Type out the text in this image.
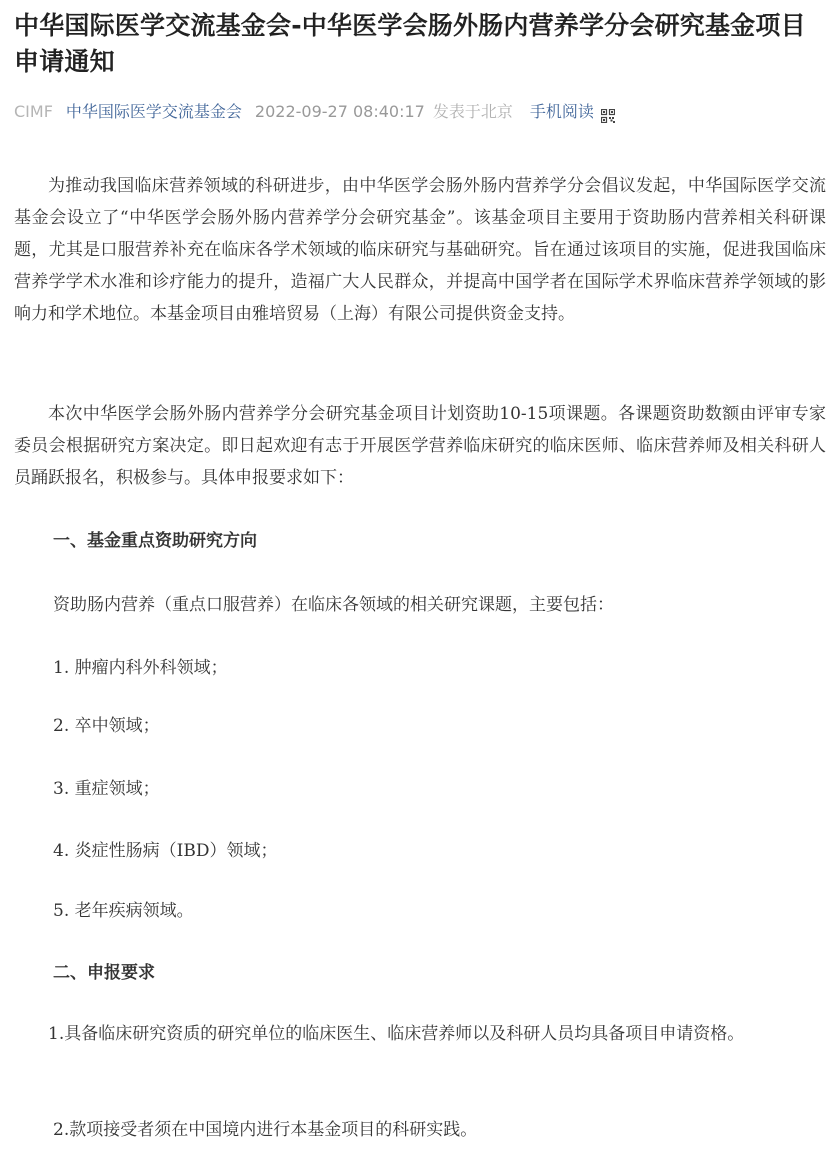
中华国际医学交流基金会-中华医学会肠外肠内营养学分会研究基金项目申请通知
CIMF 中华国际医学交流基金会 2022-09-27 08:40:17 发表于北京 手机阅读

为推动我国临床营养领域的科研进步，由中华医学会肠外肠内营养学分会倡议发起，中华国际医学交流基金会设立了“中华医学会肠外肠内营养学分会研究基金”。该基金项目主要用于资助肠内营养相关科研课题，尤其是口服营养补充在临床各学术领域的临床研究与基础研究。旨在通过该项目的实施，促进我国临床营养学学术水准和诊疗能力的提升，造福广大人民群众，并提高中国学者在国际学术界临床营养学领域的影响力和学术地位。本基金项目由雅培贸易（上海）有限公司提供资金支持。

本次中华医学会肠外肠内营养学分会研究基金项目计划资助10-15项课题。各课题资助数额由评审专家委员会根据研究方案决定。即日起欢迎有志于开展医学营养临床研究的临床医师、临床营养师及相关科研人员踊跃报名，积极参与。具体申报要求如下：

一、基金重点资助研究方向

资助肠内营养（重点口服营养）在临床各领域的相关研究课题，主要包括：

1. 肿瘤内科外科领域；

2. 卒中领域；

3. 重症领域；

4. 炎症性肠病（IBD）领域；

5. 老年疾病领域。

二、申报要求

1.具备临床研究资质的研究单位的临床医生、临床营养师以及科研人员均具备项目申请资格。

2.款项接受者须在中国境内进行本基金项目的科研实践。
